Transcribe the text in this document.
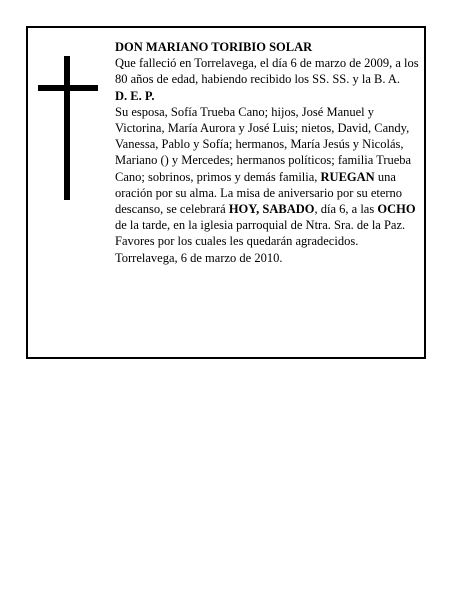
DON MARIANO TORIBIO SOLAR

Que falleció en Torrelavega, el día 6 de marzo de 2009, a los 80 años de edad, habiendo recibido los SS. SS. y la B. A.

D. E. P.

Su esposa, Sofía Trueba Cano; hijos, José Manuel y Victorina, María Aurora y José Luis; nietos, David, Candy, Vanessa, Pablo y Sofía; hermanos, María Jesús y Nicolás, Mariano () y Mercedes; hermanos políticos; familia Trueba Cano; sobrinos, primos y demás familia, RUEGAN una oración por su alma. La misa de aniversario por su eterno descanso, se celebrará HOY, SABADO, día 6, a las OCHO de la tarde, en la iglesia parroquial de Ntra. Sra. de la Paz. Favores por los cuales les quedarán agradecidos.

Torrelavega, 6 de marzo de 2010.
